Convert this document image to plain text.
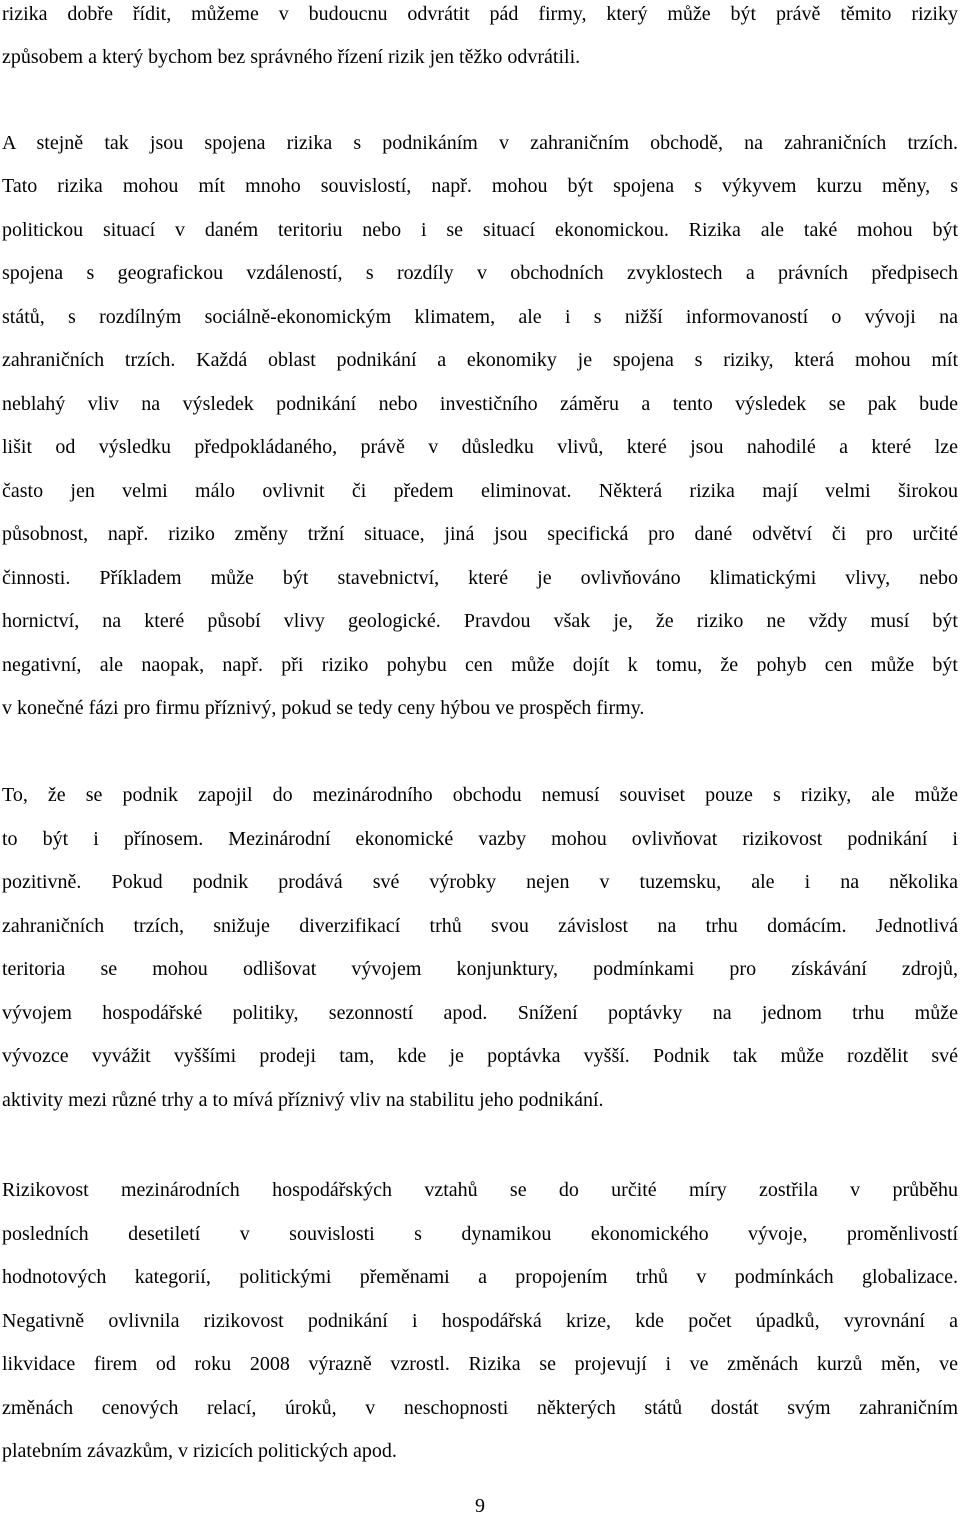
rizika dobře řídit, můžeme v budoucnu odvrátit pád firmy, který může být právě těmito riziky
způsobem a který bychom bez správného řízení rizik jen těžko odvrátili.
A stejně tak jsou spojena rizika s podnikáním v zahraničním obchodě, na zahraničních trzích.
Tato rizika mohou mít mnoho souvislostí, např. mohou být spojena s výkyvem kurzu měny, s
politickou situací v daném teritoriu nebo i se situací ekonomickou. Rizika ale také mohou být
spojena s geografickou vzdáleností, s rozdíly v obchodních zvyklostech a právních předpisech
států, s rozdílným sociálně-ekonomickým klimatem, ale i s nižší informovaností o vývoji na
zahraničních trzích. Každá oblast podnikání a ekonomiky je spojena s riziky, která mohou mít
neblahý vliv na výsledek podnikání nebo investičního záměru a tento výsledek se pak bude
lišit od výsledku předpokládaného, právě v důsledku vlivů, které jsou nahodilé a které lze
často jen velmi málo ovlivnit či předem eliminovat. Některá rizika mají velmi širokou
působnost, např. riziko změny tržní situace, jiná jsou specifická pro dané odvětví či pro určité
činnosti. Příkladem může být stavebnictví, které je ovlivňováno klimatickými vlivy, nebo
hornictví, na které působí vlivy geologické. Pravdou však je, že riziko ne vždy musí být
negativní, ale naopak, např. při riziko pohybu cen může dojít k tomu, že pohyb cen může být
v konečné fázi pro firmu příznivý, pokud se tedy ceny hýbou ve prospěch firmy.
To, že se podnik zapojil do mezinárodního obchodu nemusí souviset pouze s riziky, ale může
to být i přínosem. Mezinárodní ekonomické vazby mohou ovlivňovat rizikovost podnikání i
pozitivně. Pokud podnik prodává své výrobky nejen v tuzemsku, ale i na několika
zahraničních trzích, snižuje diverzifikací trhů svou závislost na trhu domácím. Jednotlivá
teritoria se mohou odlišovat vývojem konjunktury, podmínkami pro získávání zdrojů,
vývojem hospodářské politiky, sezonností apod. Snížení poptávky na jednom trhu může
vývozce vyvážit vyššími prodeji tam, kde je poptávka vyšší. Podnik tak může rozdělit své
aktivity mezi různé trhy a to mívá příznivý vliv na stabilitu jeho podnikání.
Rizikovost mezinárodních hospodářských vztahů se do určité míry zostřila v průběhu
posledních desetiletí v souvislosti s dynamikou ekonomického vývoje, proměnlivostí
hodnotových kategorií, politickými přeměnami a propojením trhů v podmínkách globalizace.
Negativně ovlivnila rizikovost podnikání i hospodářská krize, kde počet úpadků, vyrovnání a
likvidace firem od roku 2008 výrazně vzrostl. Rizika se projevují i ve změnách kurzů měn, ve
změnách cenových relací, úroků, v neschopnosti některých států dostát svým zahraničním
platebním závazkům, v rizicích politických apod.
9
